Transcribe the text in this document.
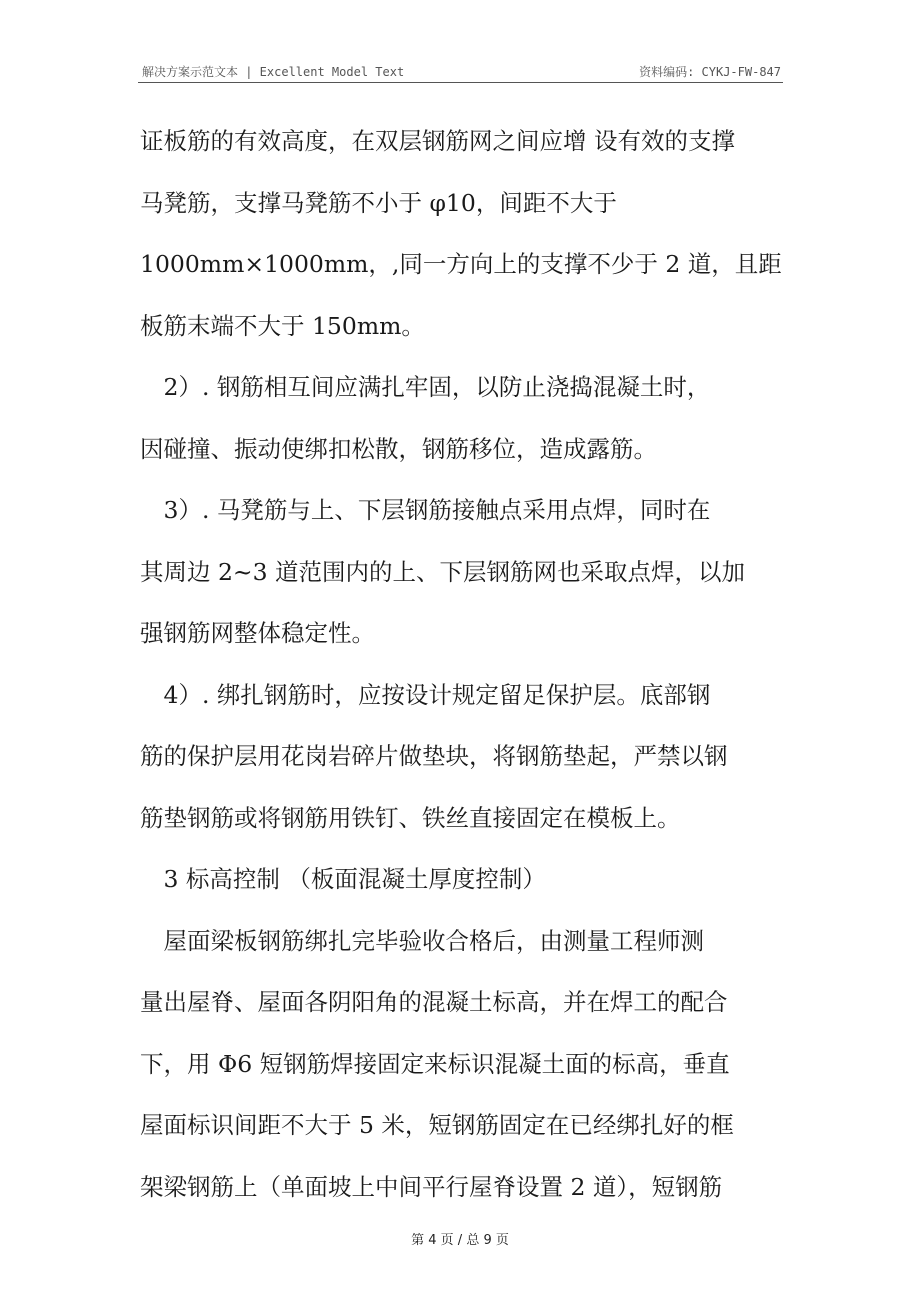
解决方案示范文本 | Excellent Model Text	资料编码: CYKJ-FW-847
证板筋的有效高度，在双层钢筋网之间应增 设有效的支撑
马凳筋，支撑马凳筋不小于 φ10，间距不大于
1000mm×1000mm，,同一方向上的支撑不少于 2 道，且距
板筋末端不大于 150mm。
　2）. 钢筋相互间应满扎牢固，以防止浇捣混凝土时，
因碰撞、振动使绑扣松散，钢筋移位，造成露筋。
　3）. 马凳筋与上、下层钢筋接触点采用点焊，同时在
其周边 2~3 道范围内的上、下层钢筋网也采取点焊，以加
强钢筋网整体稳定性。
　4）. 绑扎钢筋时，应按设计规定留足保护层。底部钢
筋的保护层用花岗岩碎片做垫块，将钢筋垫起，严禁以钢
筋垫钢筋或将钢筋用铁钉、铁丝直接固定在模板上。
　3 标高控制 （板面混凝土厚度控制）
　屋面梁板钢筋绑扎完毕验收合格后，由测量工程师测
量出屋脊、屋面各阴阳角的混凝土标高，并在焊工的配合
下，用 Φ6 短钢筋焊接固定来标识混凝土面的标高，垂直
屋面标识间距不大于 5 米，短钢筋固定在已经绑扎好的框
架梁钢筋上（单面坡上中间平行屋脊设置 2 道），短钢筋
第 4 页 / 总 9 页
